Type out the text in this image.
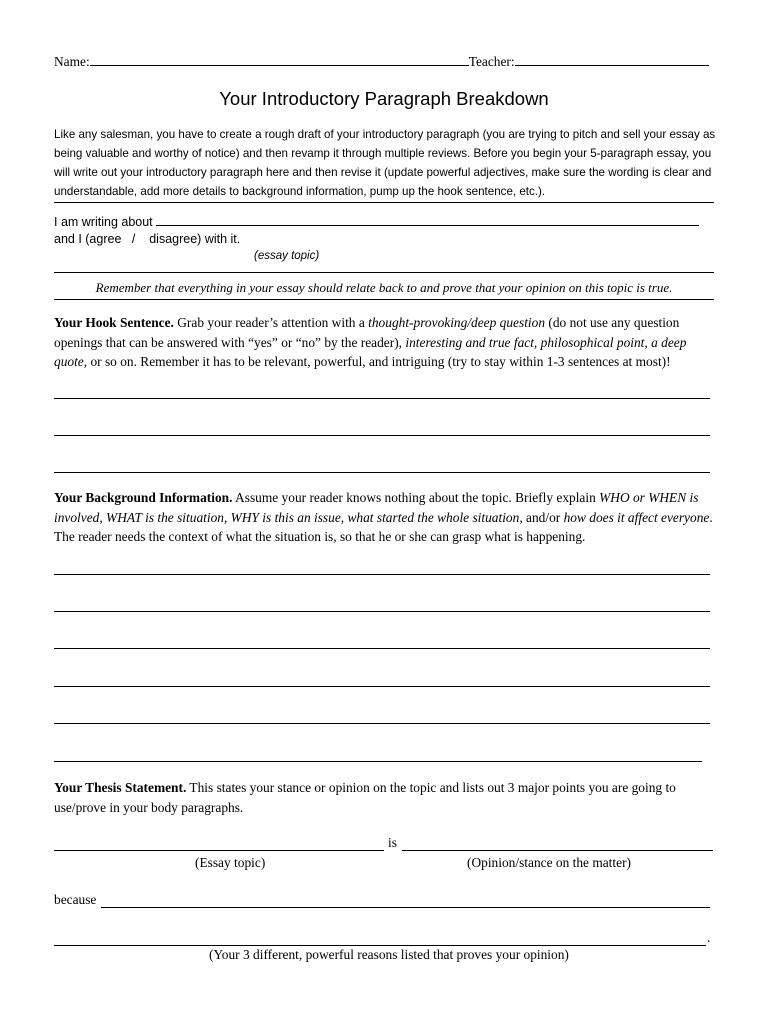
Name:	Teacher:
Your Introductory Paragraph Breakdown
Like any salesman, you have to create a rough draft of your introductory paragraph (you are trying to pitch and sell your essay as being valuable and worthy of notice) and then revamp it through multiple reviews. Before you begin your 5-paragraph essay, you will write out your introductory paragraph here and then revise it (update powerful adjectives, make sure the wording is clear and understandable, add more details to background information, pump up the hook sentence, etc.).
I am writing about
and I (agree / disagree) with it.
(essay topic)
Remember that everything in your essay should relate back to and prove that your opinion on this topic is true.
Your Hook Sentence. Grab your reader’s attention with a thought-provoking/deep question (do not use any question openings that can be answered with “yes” or “no” by the reader), interesting and true fact, philosophical point, a deep quote, or so on. Remember it has to be relevant, powerful, and intriguing (try to stay within 1-3 sentences at most)!
Your Background Information. Assume your reader knows nothing about the topic. Briefly explain WHO or WHEN is involved, WHAT is the situation, WHY is this an issue, what started the whole situation, and/or how does it affect everyone. The reader needs the context of what the situation is, so that he or she can grasp what is happening.
Your Thesis Statement. This states your stance or opinion on the topic and lists out 3 major points you are going to use/prove in your body paragraphs.
is
(Essay topic)	(Opinion/stance on the matter)
because
.
(Your 3 different, powerful reasons listed that proves your opinion)
